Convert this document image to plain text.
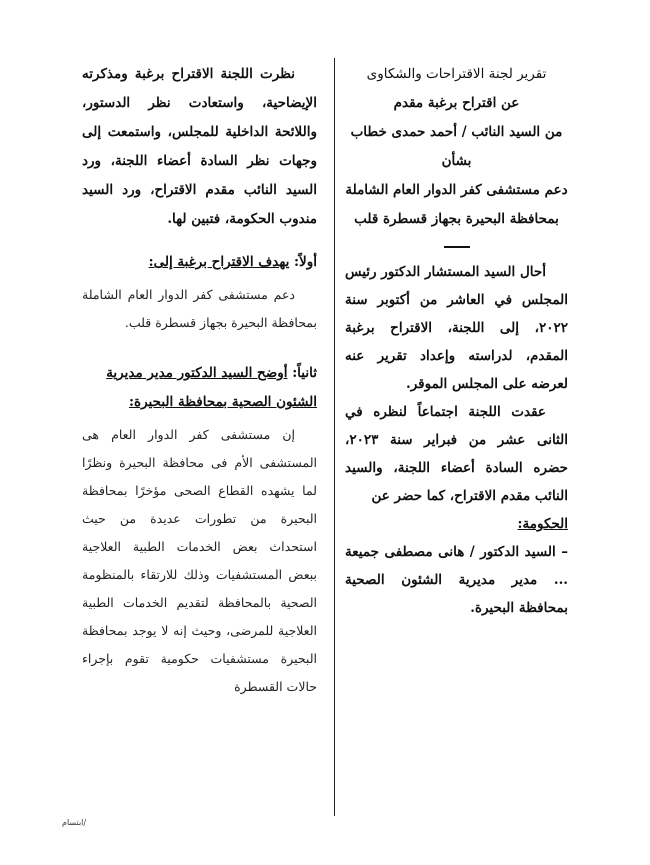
تقرير لجنة الاقتراحات والشكاوى

عن اقتراح برغبة مقدم

من السيد النائب / أحمد حمدى خطاب

بشأن

دعم مستشفى كفر الدوار العام الشاملة

بمحافظة البحيرة بجهاز قسطرة قلب

أحال السيد المستشار الدكتور رئيس المجلس في العاشر من أكتوبر سنة ٢٠٢٢، إلى اللجنة، الاقتراح برغبة المقدم، لدراسته وإعداد تقرير عنه لعرضه على المجلس الموقر.

عقدت اللجنة اجتماعاً لنظره في الثانى عشر من فبراير سنة ٢٠٢٣، حضره السادة أعضاء اللجنة، والسيد النائب مقدم الاقتراح، كما حضر عن

الحكومة:

– السيد الدكتور / هانى مصطفى جميعة ... مدير مديرية الشئون الصحية بمحافظة البحيرة.

نظرت اللجنة الاقتراح برغبة ومذكرته الإيضاحية، واستعادت نظر الدستور، واللائحة الداخلية للمجلس، واستمعت إلى وجهات نظر السادة أعضاء اللجنة، ورد السيد النائب مقدم الاقتراح، ورد السيد مندوب الحكومة، فتبين لها.

أولاً: يهدف الاقتراح برغبة إلى:

دعم مستشفى كفر الدوار العام الشاملة بمحافظة البحيرة بجهاز قسطرة قلب.

ثانياً: أوضح السيد الدكتور مدير مديرية الشئون الصحية بمحافظة البحيرة:

إن مستشفى كفر الدوار العام هى المستشفى الأم فى محافظة البحيرة ونظرًا لما يشهده القطاع الصحى مؤخرًا بمحافظة البحيرة من تطورات عديدة من حيث استحداث بعض الخدمات الطبية العلاجية ببعض المستشفيات وذلك للارتقاء بالمنظومة الصحية بالمحافظة لتقديم الخدمات الطبية العلاجية للمرضى، وحيث إنه لا يوجد بمحافظة البحيرة مستشفيات حكومية تقوم بإجراء حالات القسطرة

/ابتسام
